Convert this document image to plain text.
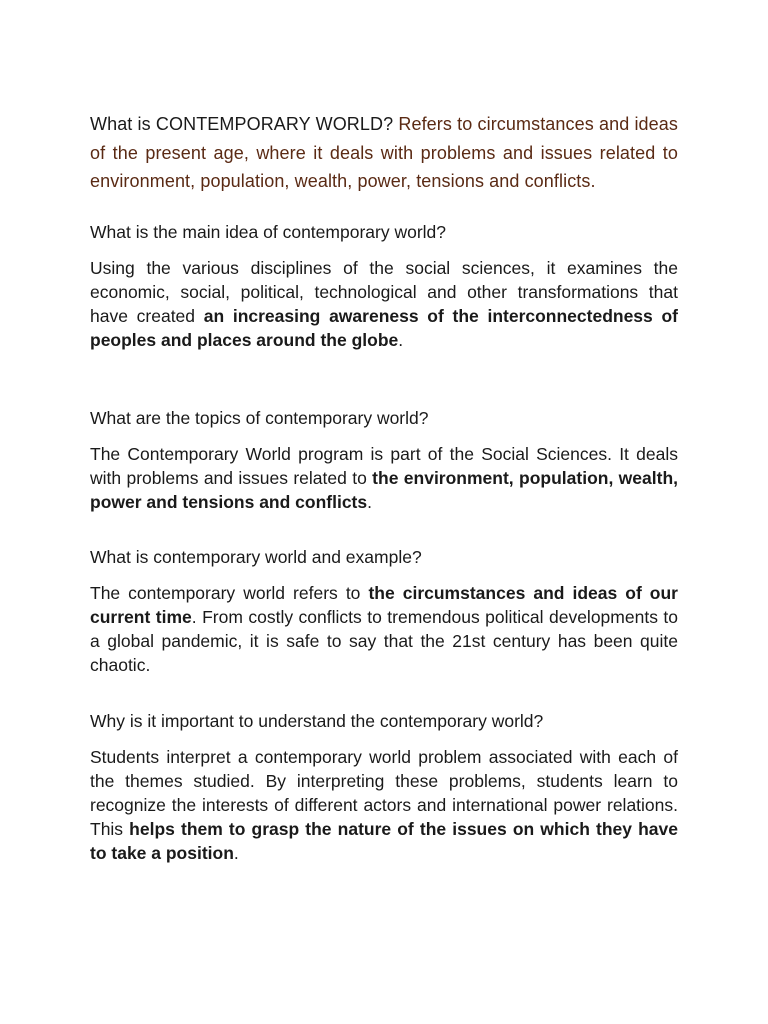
What is CONTEMPORARY WORLD? Refers to circumstances and ideas of the present age, where it deals with problems and issues related to environment, population, wealth, power, tensions and conflicts.

What is the main idea of contemporary world?

Using the various disciplines of the social sciences, it examines the economic, social, political, technological and other transformations that have created an increasing awareness of the interconnectedness of peoples and places around the globe.

What are the topics of contemporary world?

The Contemporary World program is part of the Social Sciences. It deals with problems and issues related to the environment, population, wealth, power and tensions and conflicts.

What is contemporary world and example?

The contemporary world refers to the circumstances and ideas of our current time. From costly conflicts to tremendous political developments to a global pandemic, it is safe to say that the 21st century has been quite chaotic.

Why is it important to understand the contemporary world?

Students interpret a contemporary world problem associated with each of the themes studied. By interpreting these problems, students learn to recognize the interests of different actors and international power relations. This helps them to grasp the nature of the issues on which they have to take a position.
